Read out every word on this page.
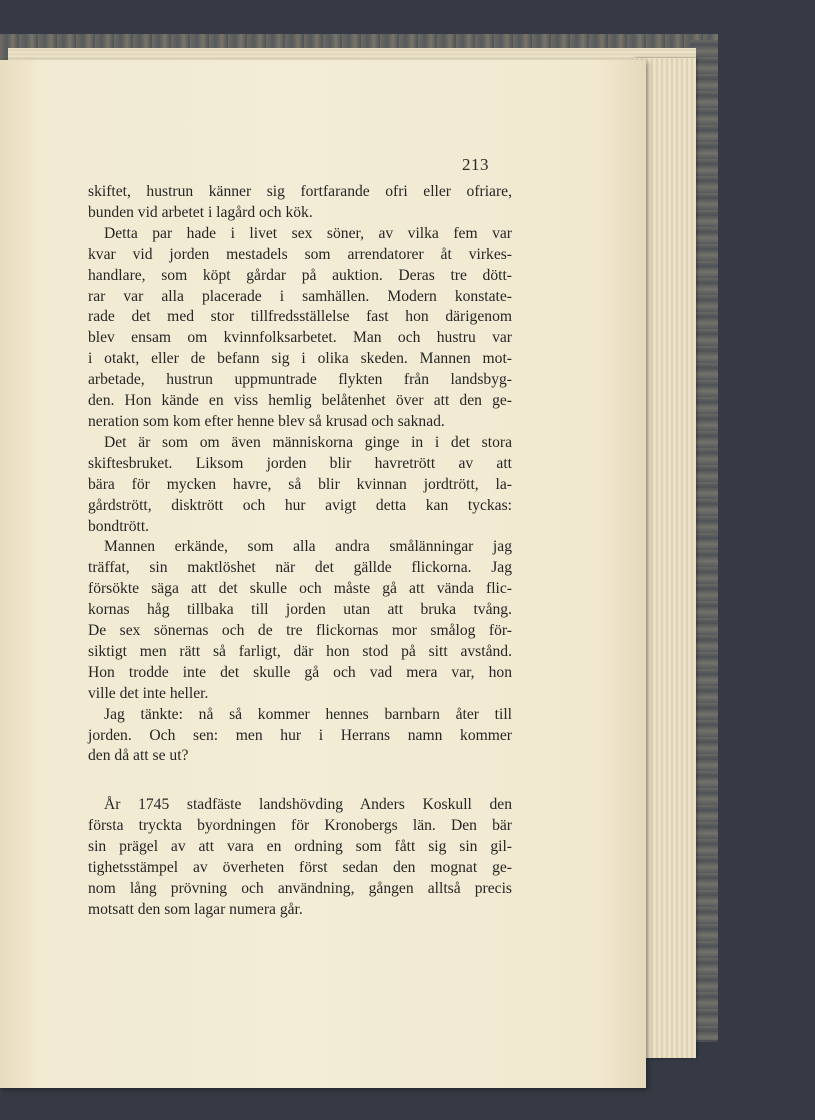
213
skiftet, hustrun känner sig fortfarande ofri eller ofriare,
bunden vid arbetet i lagård och kök.
Detta par hade i livet sex söner, av vilka fem var
kvar vid jorden mestadels som arrendatorer åt virkes-
handlare, som köpt gårdar på auktion. Deras tre dött-
rar var alla placerade i samhällen. Modern konstate-
rade det med stor tillfredsställelse fast hon därigenom
blev ensam om kvinnfolksarbetet. Man och hustru var
i otakt, eller de befann sig i olika skeden. Mannen mot-
arbetade, hustrun uppmuntrade flykten från landsbyg-
den. Hon kände en viss hemlig belåtenhet över att den ge-
neration som kom efter henne blev så krusad och saknad.
Det är som om även människorna ginge in i det stora
skiftesbruket. Liksom jorden blir havretrött av att
bära för mycken havre, så blir kvinnan jordtrött, la-
gårdstrött, disktrött och hur avigt detta kan tyckas:
bondtrött.
Mannen erkände, som alla andra smålänningar jag
träffat, sin maktlöshet när det gällde flickorna. Jag
försökte säga att det skulle och måste gå att vända flic-
kornas håg tillbaka till jorden utan att bruka tvång.
De sex sönernas och de tre flickornas mor smålog för-
siktigt men rätt så farligt, där hon stod på sitt avstånd.
Hon trodde inte det skulle gå och vad mera var, hon
ville det inte heller.
Jag tänkte: nå så kommer hennes barnbarn åter till
jorden. Och sen: men hur i Herrans namn kommer
den då att se ut?
År 1745 stadfäste landshövding Anders Koskull den
första tryckta byordningen för Kronobergs län. Den bär
sin prägel av att vara en ordning som fått sig sin gil-
tighetsstämpel av överheten först sedan den mognat ge-
nom lång prövning och användning, gången alltså precis
motsatt den som lagar numera går.
